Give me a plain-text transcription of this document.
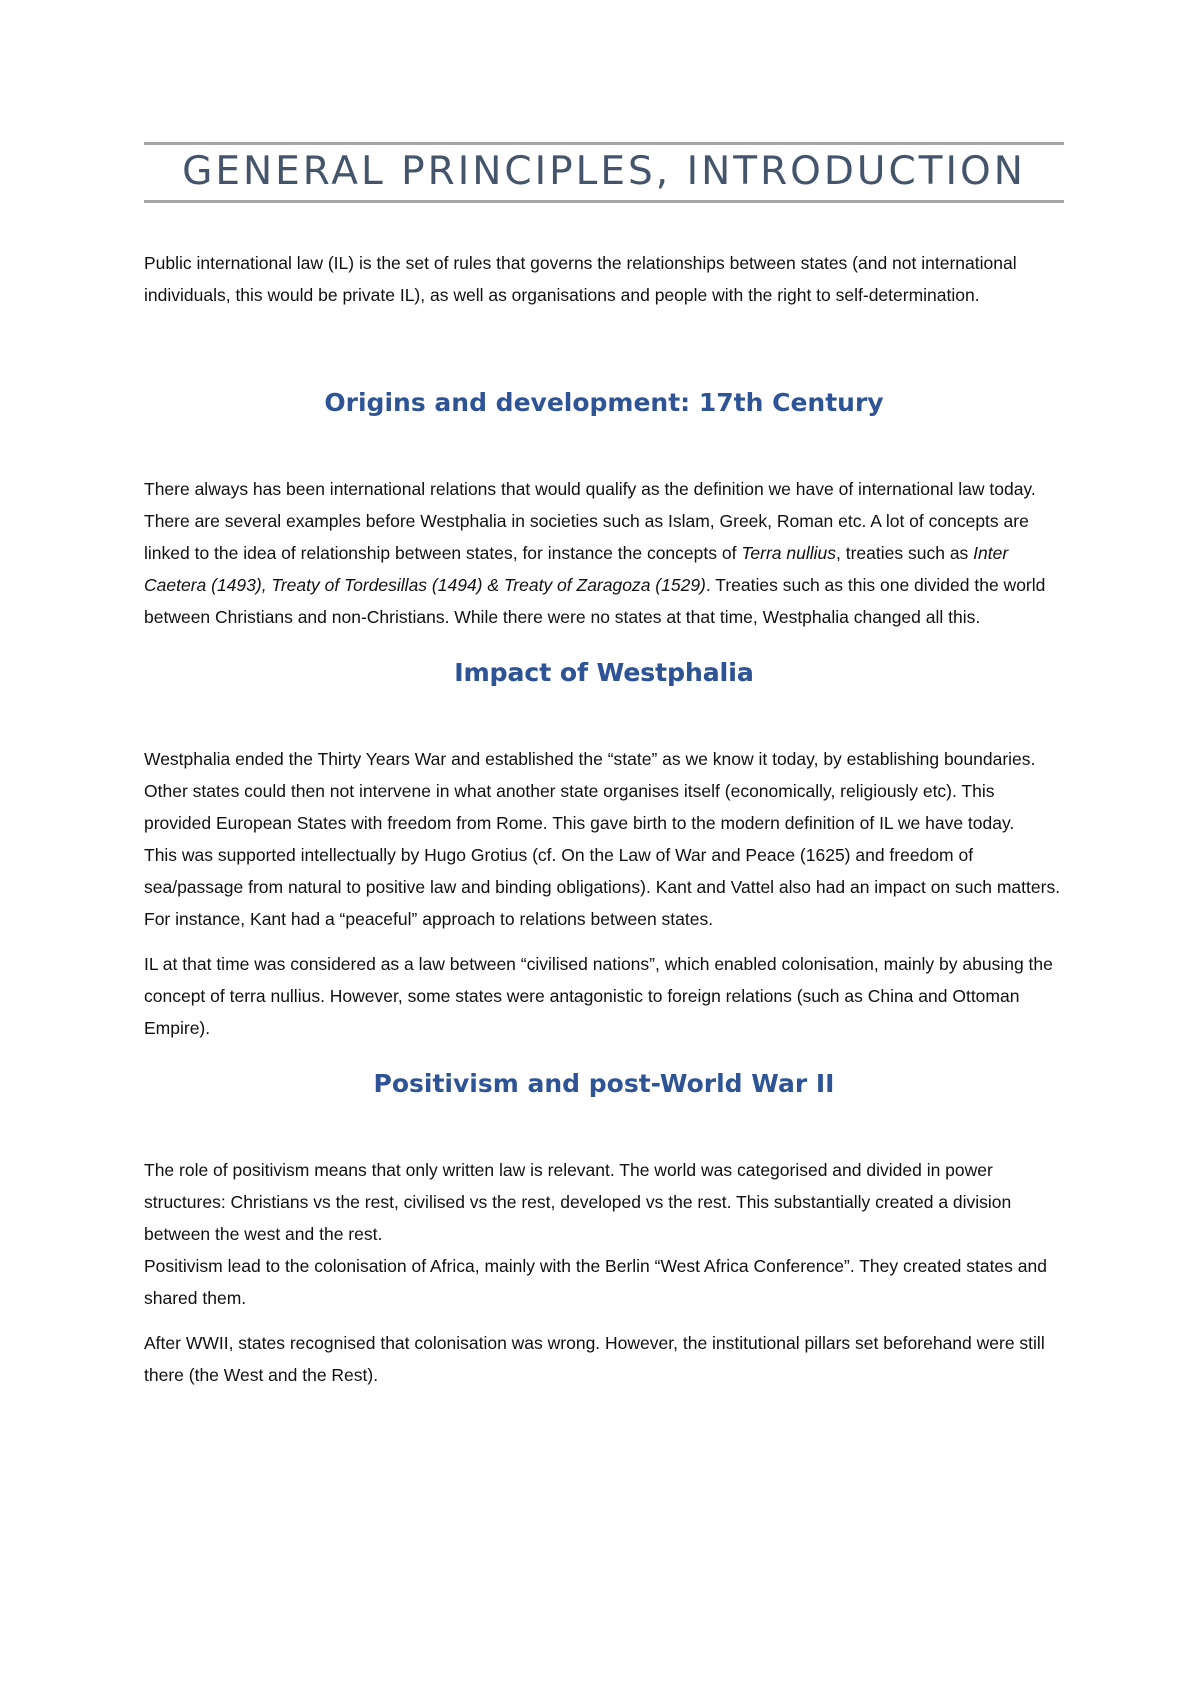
GENERAL PRINCIPLES, INTRODUCTION

Public international law (IL) is the set of rules that governs the relationships between states (and not international individuals, this would be private IL), as well as organisations and people with the right to self-determination.

Origins and development: 17th Century

There always has been international relations that would qualify as the definition we have of international law today. There are several examples before Westphalia in societies such as Islam, Greek, Roman etc. A lot of concepts are linked to the idea of relationship between states, for instance the concepts of Terra nullius, treaties such as Inter Caetera (1493), Treaty of Tordesillas (1494) & Treaty of Zaragoza (1529). Treaties such as this one divided the world between Christians and non-Christians. While there were no states at that time, Westphalia changed all this.

Impact of Westphalia

Westphalia ended the Thirty Years War and established the “state” as we know it today, by establishing boundaries. Other states could then not intervene in what another state organises itself (economically, religiously etc). This provided European States with freedom from Rome. This gave birth to the modern definition of IL we have today.

This was supported intellectually by Hugo Grotius (cf. On the Law of War and Peace (1625) and freedom of sea/passage from natural to positive law and binding obligations). Kant and Vattel also had an impact on such matters. For instance, Kant had a “peaceful” approach to relations between states.

IL at that time was considered as a law between “civilised nations”, which enabled colonisation, mainly by abusing the concept of terra nullius. However, some states were antagonistic to foreign relations (such as China and Ottoman Empire).

Positivism and post-World War II

The role of positivism means that only written law is relevant. The world was categorised and divided in power structures: Christians vs the rest, civilised vs the rest, developed vs the rest. This substantially created a division between the west and the rest.

Positivism lead to the colonisation of Africa, mainly with the Berlin “West Africa Conference”. They created states and shared them.

After WWII, states recognised that colonisation was wrong. However, the institutional pillars set beforehand were still there (the West and the Rest).
